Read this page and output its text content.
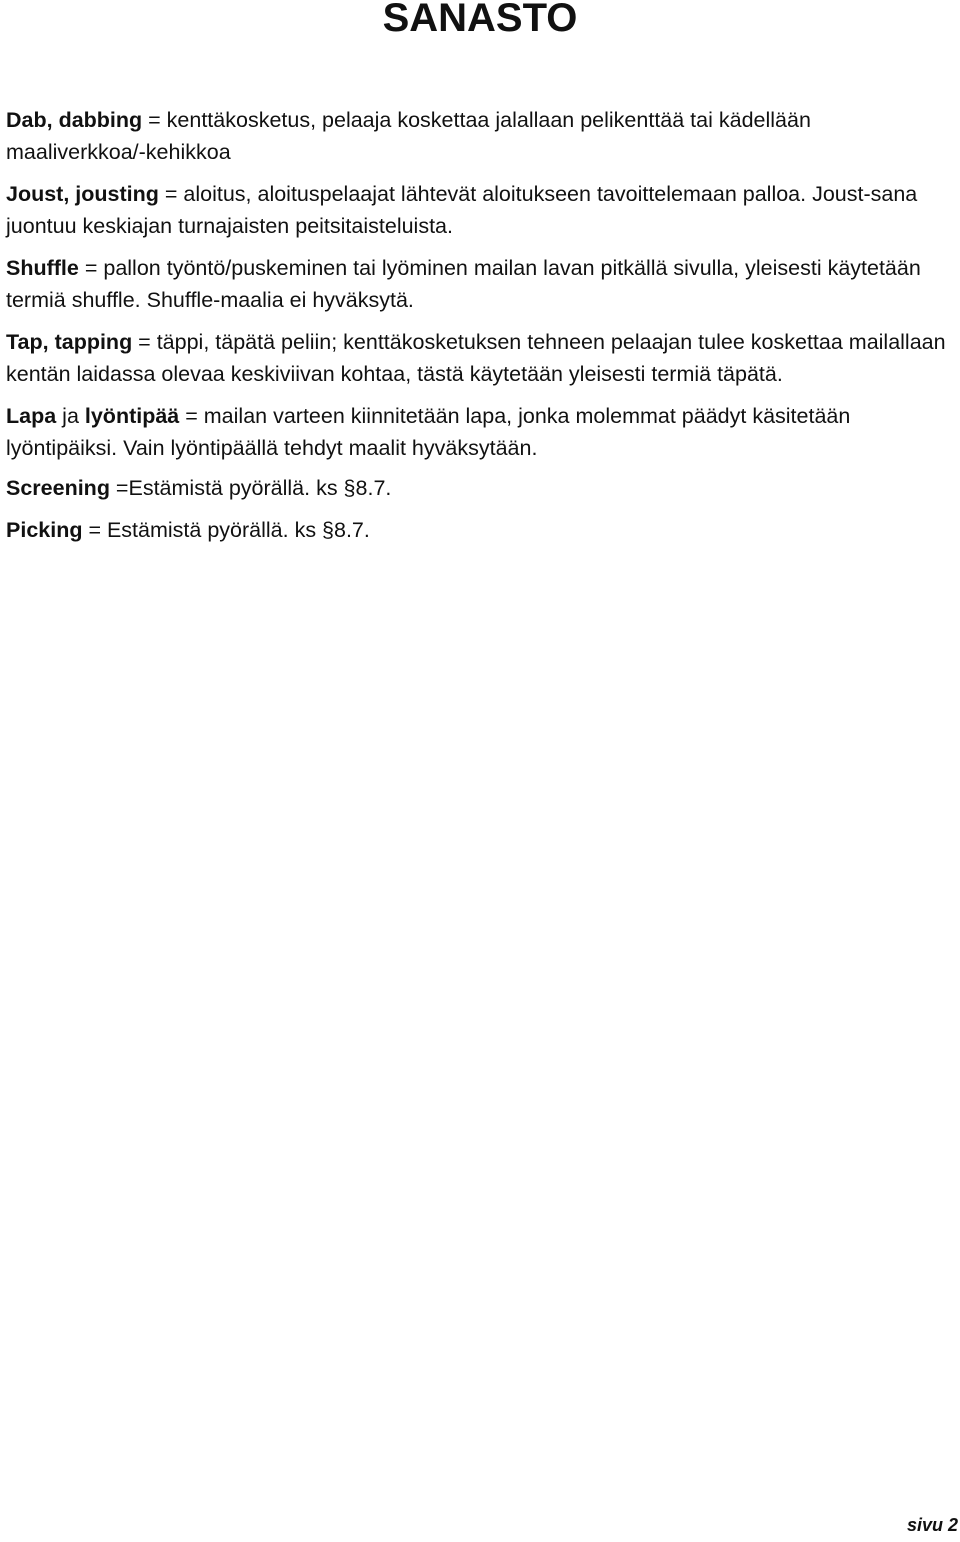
SANASTO

Dab, dabbing = kenttäkosketus, pelaaja koskettaa jalallaan pelikenttää tai kädellään maaliverkkoa/-kehikkoa

Joust, jousting = aloitus, aloituspelaajat lähtevät aloitukseen tavoittelemaan palloa. Joust-sana juontuu keskiajan turnajaisten peitsitaisteluista.

Shuffle = pallon työntö/puskeminen tai lyöminen mailan lavan pitkällä sivulla, yleisesti käytetään termiä shuffle. Shuffle-maalia ei hyväksytä.

Tap, tapping = täppi, täpätä peliin; kenttäkosketuksen tehneen pelaajan tulee koskettaa mailallaan kentän laidassa olevaa keskiviivan kohtaa, tästä käytetään yleisesti termiä täpätä.

Lapa ja lyöntipää = mailan varteen kiinnitetään lapa, jonka molemmat päädyt käsitetään lyöntipäiksi. Vain lyöntipäällä tehdyt maalit hyväksytään.

Screening =Estämistä pyörällä. ks §8.7.

Picking = Estämistä pyörällä. ks §8.7.

sivu 2
